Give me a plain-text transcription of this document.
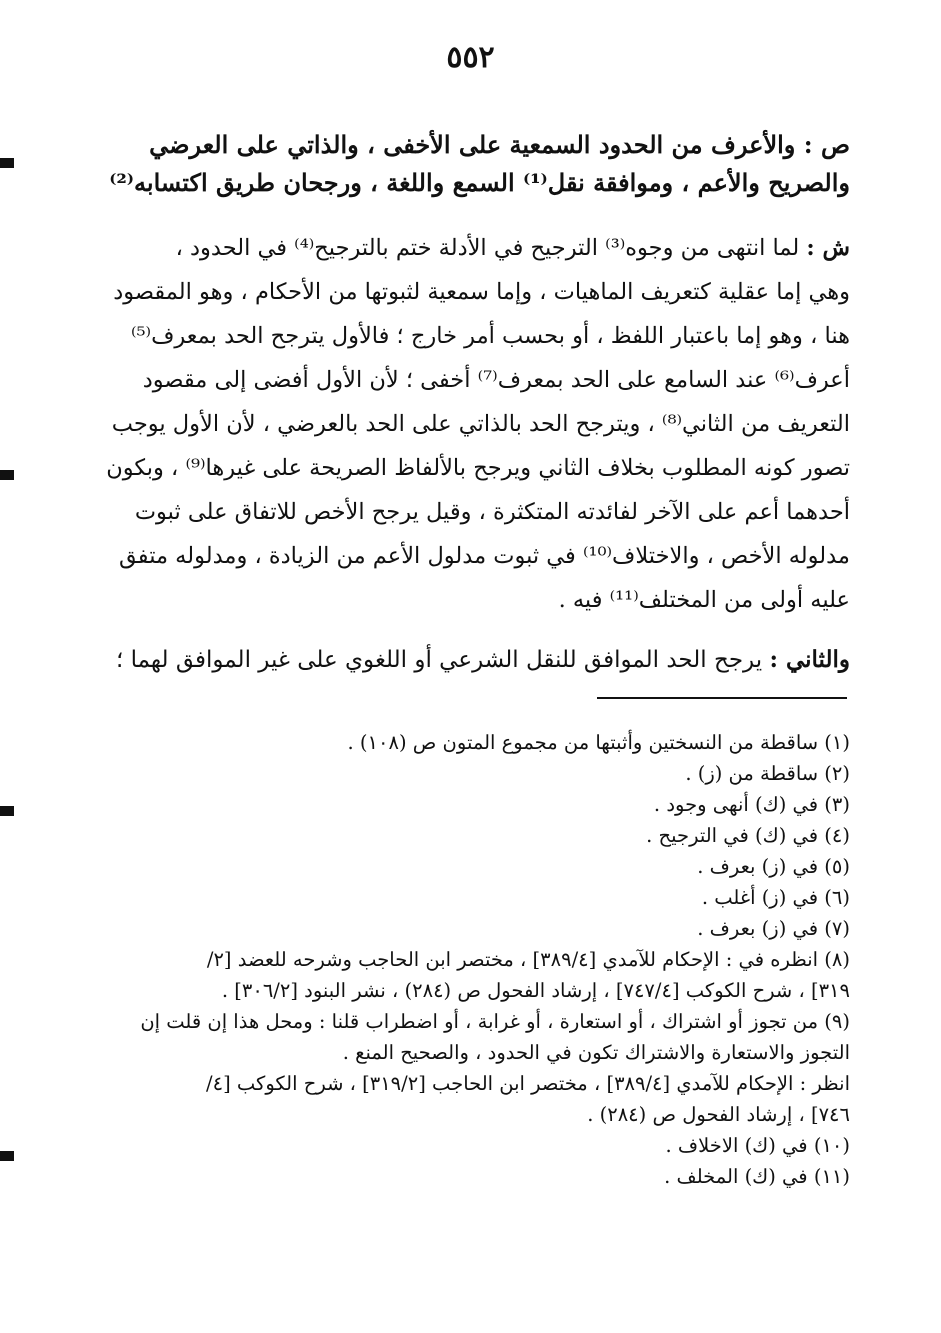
٥٥٢
ص : والأعرف من الحدود السمعية على الأخفى ، والذاتي على العرضي
والصريح والأعم ، وموافقة نقل⁽¹⁾ السمع واللغة ، ورجحان طريق اكتسابه⁽²⁾
ش : لما انتهى من وجوه⁽³⁾ الترجيح في الأدلة ختم بالترجيح⁽⁴⁾ في الحدود ،
وهي إما عقلية كتعريف الماهيات ، وإما سمعية لثبوتها من الأحكام ، وهو المقصود
هنا ، وهو إما باعتبار اللفظ ، أو بحسب أمر خارج ؛ فالأول يترجح الحد بمعرف⁽⁵⁾
أعرف⁽⁶⁾ عند السامع على الحد بمعرف⁽⁷⁾ أخفى ؛ لأن الأول أفضى إلى مقصود
التعريف من الثاني⁽⁸⁾ ، ويترجح الحد بالذاتي على الحد بالعرضي ، لأن الأول يوجب
تصور كونه المطلوب بخلاف الثاني ويرجح بالألفاظ الصريحة على غيرها⁽⁹⁾ ، وبكون
أحدهما أعم على الآخر لفائدته المتكثرة ، وقيل يرجح الأخص للاتفاق على ثبوت
مدلوله الأخص ، والاختلاف⁽¹⁰⁾ في ثبوت مدلول الأعم من الزيادة ، ومدلوله متفق
عليه أولى من المختلف⁽¹¹⁾ فيه .
والثاني : يرجح الحد الموافق للنقل الشرعي أو اللغوي على غير الموافق لهما ؛
(١) ساقطة من النسختين وأثبتها من مجموع المتون ص (١٠٨) .
(٢) ساقطة من (ز) .
(٣) في (ك) أنهى وجود .
(٤) في (ك) في الترجيح .
(٥) في (ز) بعرف .
(٦) في (ز) أغلب .
(٧) في (ز) بعرف .
(٨) انظره في : الإحكام للآمدي [٣٨٩/٤] ، مختصر ابن الحاجب وشرحه للعضد [٢/
٣١٩] ، شرح الكوكب [٧٤٧/٤] ، إرشاد الفحول ص (٢٨٤) ، نشر البنود [٣٠٦/٢] .
(٩) من تجوز أو اشتراك ، أو استعارة ، أو غرابة ، أو اضطراب قلنا : ومحل هذا إن قلت إن
التجوز والاستعارة والاشتراك تكون في الحدود ، والصحيح المنع .
انظر : الإحكام للآمدي [٣٨٩/٤] ، مختصر ابن الحاجب [٣١٩/٢] ، شرح الكوكب [٤/
٧٤٦] ، إرشاد الفحول ص (٢٨٤) .
(١٠) في (ك) الاخلاف .
(١١) في (ك) المخلف .
